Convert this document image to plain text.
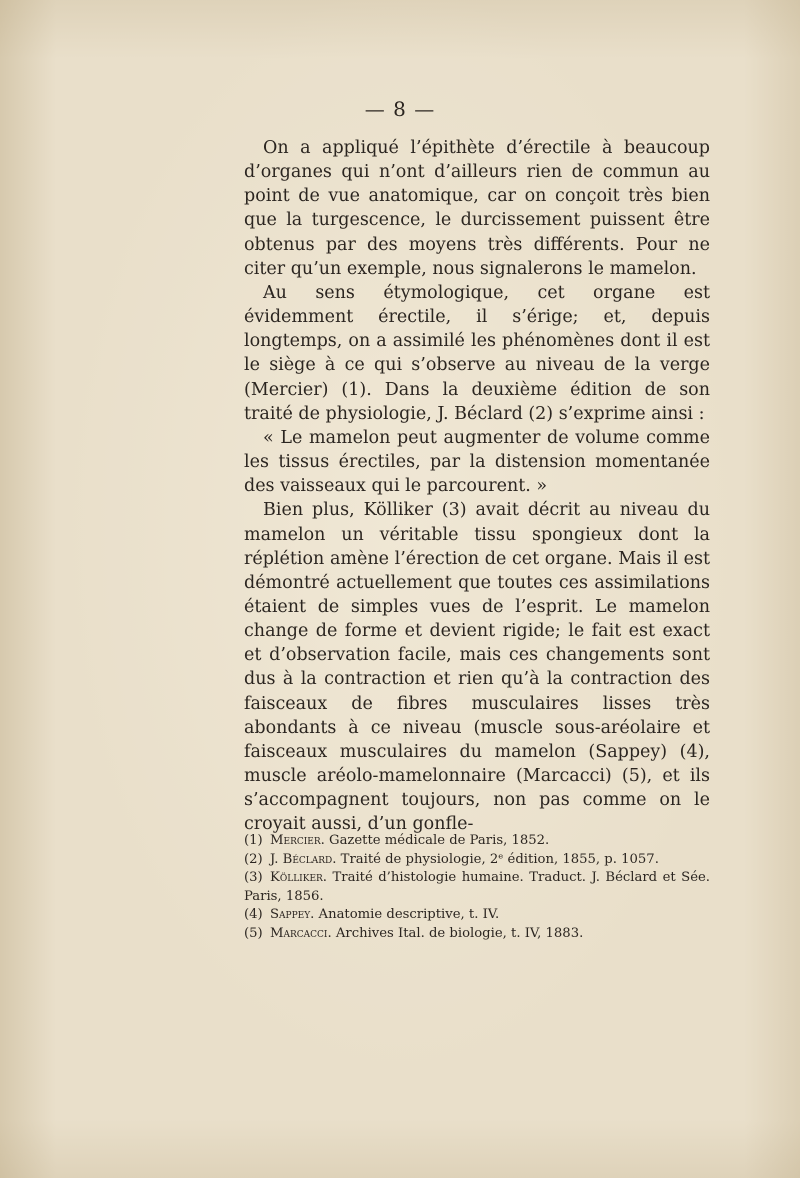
— 8 —

On a appliqué l’épithète d’érectile à beaucoup d’organes qui n’ont d’ailleurs rien de commun au point de vue anatomique, car on conçoit très bien que la turgescence, le durcissement puissent être obtenus par des moyens très différents. Pour ne citer qu’un exemple, nous signalerons le mamelon.

Au sens étymologique, cet organe est évidemment érectile, il s’érige; et, depuis longtemps, on a assimilé les phénomènes dont il est le siège à ce qui s’observe au niveau de la verge (Mercier) (1). Dans la deuxième édition de son traité de physiologie, J. Béclard (2) s’exprime ainsi :

« Le mamelon peut augmenter de volume comme les tissus érectiles, par la distension momentanée des vaisseaux qui le parcourent. »

Bien plus, Kölliker (3) avait décrit au niveau du mamelon un véritable tissu spongieux dont la réplétion amène l’érection de cet organe. Mais il est démontré actuellement que toutes ces assimilations étaient de simples vues de l’esprit. Le mamelon change de forme et devient rigide; le fait est exact et d’observation facile, mais ces changements sont dus à la contraction et rien qu’à la contraction des faisceaux de fibres musculaires lisses très abondants à ce niveau (muscle sous-aréolaire et faisceaux musculaires du mamelon (Sappey) (4), muscle aréolo-mamelonnaire (Marcacci) (5), et ils s’accompagnent toujours, non pas comme on le croyait aussi, d’un gonfle-

(1) Mercier. Gazette médicale de Paris, 1852.

(2) J. Béclard. Traité de physiologie, 2ᵉ édition, 1855, p. 1057.

(3) Kölliker. Traité d’histologie humaine. Traduct. J. Béclard et Sée. Paris, 1856.

(4) Sappey. Anatomie descriptive, t. IV.

(5) Marcacci. Archives Ital. de biologie, t. IV, 1883.
